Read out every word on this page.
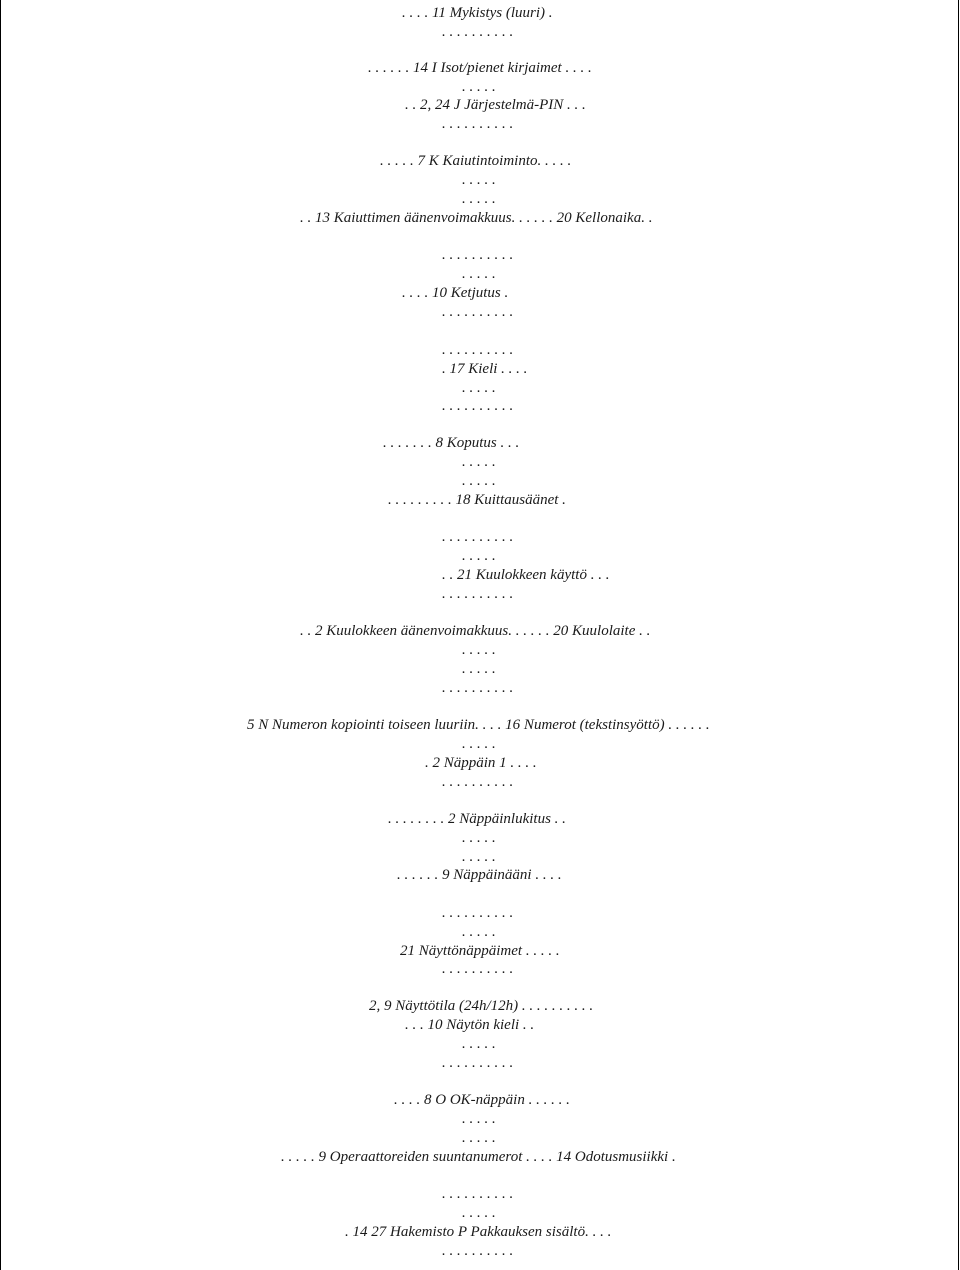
. . . . 11 Mykistys (luuri) .
. . . . . . . . . .
. . . . . . 14 I Isot/pienet kirjaimet . . . .
. . . . .
. . 2, 24 J Järjestelmä-PIN . . .
. . . . . . . . . .
. . . . . 7 K Kaiutintoiminto. . . . .
. . . . .
. . . . .
. . 13 Kaiuttimen äänenvoimakkuus. . . . . . 20 Kellonaika. .
. . . . . . . . . .
. . . . .
. . . . 10 Ketjutus .
. . . . . . . . . .
. . . . . . . . . .
. 17 Kieli . . . .
. . . . .
. . . . . . . . . .
. . . . . . . 8 Koputus . . .
. . . . .
. . . . .
. . . . . . . . . 18 Kuittausäänet .
. . . . . . . . . .
. . . . .
. . 21 Kuulokkeen käyttö . . .
. . . . . . . . . .
. . 2 Kuulokkeen äänenvoimakkuus. . . . . . 20 Kuulolaite . .
. . . . .
. . . . .
. . . . . . . . . .
5 N Numeron kopiointi toiseen luuriin. . . . 16 Numerot (tekstinsyöttö) . . . . . .
. . . . .
. 2 Näppäin 1 . . . .
. . . . . . . . . .
. . . . . . . . 2 Näppäinlukitus . .
. . . . .
. . . . .
. . . . . . 9 Näppäinääni . . . .
. . . . . . . . . .
. . . . .
21 Näyttönäppäimet . . . . .
. . . . . . . . . .
2, 9 Näyttötila (24h/12h) . . . . . . . . . .
. . . 10 Näytön kieli . .
. . . . .
. . . . . . . . . .
. . . . 8 O OK-näppäin . . . . . .
. . . . .
. . . . .
. . . . . 9 Operaattoreiden suuntanumerot . . . . 14 Odotusmusiikki .
. . . . . . . . . .
. . . . .
. 14 27 Hakemisto P Pakkauksen sisältö. . . .
. . . . . . . . . .
